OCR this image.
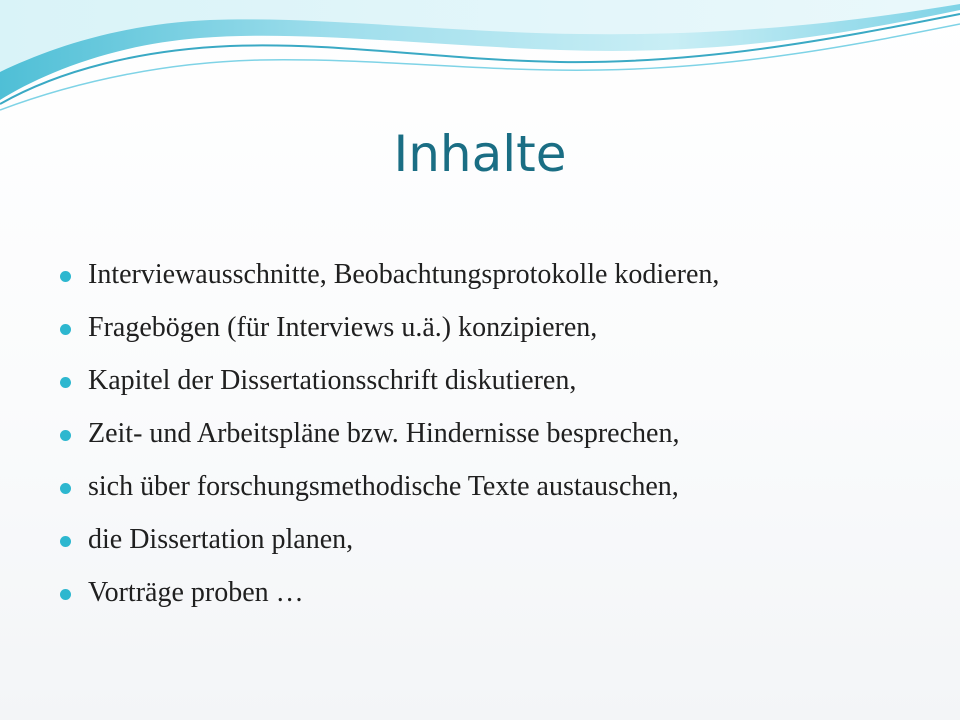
Inhalte
Interviewausschnitte, Beobachtungsprotokolle kodieren,
Fragebögen (für Interviews u.ä.) konzipieren,
Kapitel der Dissertationsschrift diskutieren,
Zeit- und Arbeitspläne bzw. Hindernisse besprechen,
sich über forschungsmethodische Texte austauschen,
die Dissertation planen,
Vorträge proben …
